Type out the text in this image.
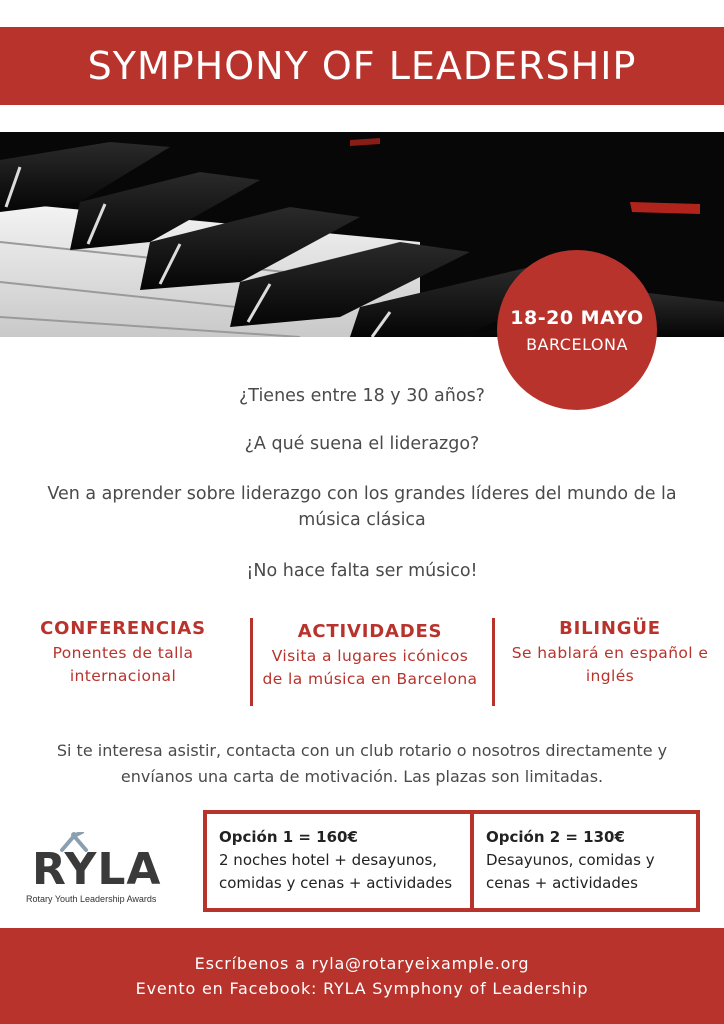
SYMPHONY OF LEADERSHIP
18-20 MAYO
BARCELONA
¿Tienes entre 18 y 30 años?
¿A qué suena el liderazgo?
Ven a aprender sobre liderazgo con los grandes líderes del mundo de la música clásica
¡No hace falta ser músico!
CONFERENCIAS
Ponentes de talla internacional
ACTIVIDADES
Visita a lugares icónicos de la música en Barcelona
BILINGÜE
Se hablará en español e inglés
Si te interesa asistir, contacta con un club rotario o nosotros directamente y envíanos una carta de motivación. Las plazas son limitadas.
RYLA
Rotary Youth Leadership Awards
Opción 1 = 160€
2 noches hotel + desayunos, comidas y cenas + actividades
Opción 2 = 130€
Desayunos, comidas y cenas + actividades
Escríbenos a ryla@rotaryeixample.org
Evento en Facebook: RYLA Symphony of Leadership
